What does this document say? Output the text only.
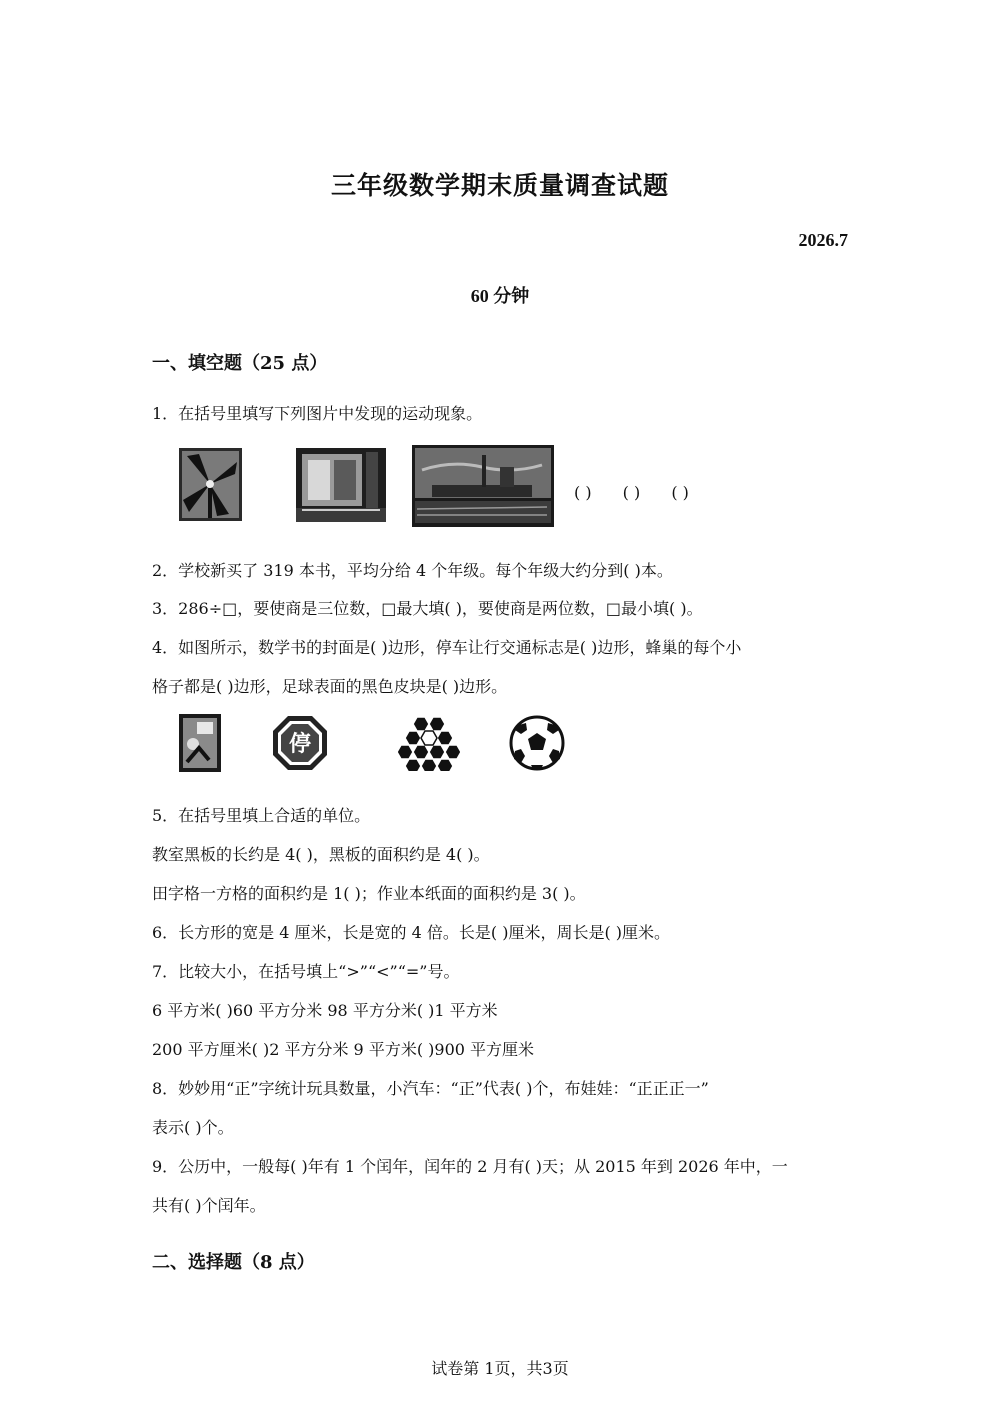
三年级数学期末质量调查试题
2026.7
60 分钟
一、填空题（25 点）
1．在括号里填写下列图片中发现的运动现象。
( ) ( ) ( )
2．学校新买了 319 本书，平均分给 4 个年级。每个年级大约分到( )本。
3．286÷□，要使商是三位数，□最大填( )，要使商是两位数，□最小填( )。
4．如图所示，数学书的封面是( )边形，停车让行交通标志是( )边形，蜂巢的每个小
格子都是( )边形，足球表面的黑色皮块是( )边形。
停
5．在括号里填上合适的单位。
教室黑板的长约是 4( )，黑板的面积约是 4( )。
田字格一方格的面积约是 1( )；作业本纸面的面积约是 3( )。
6．长方形的宽是 4 厘米，长是宽的 4 倍。长是( )厘米，周长是( )厘米。
7．比较大小，在括号填上“>”“<”“=”号。
6 平方米( )60 平方分米 98 平方分米( )1 平方米
200 平方厘米( )2 平方分米 9 平方米( )900 平方厘米
8．妙妙用“正”字统计玩具数量，小汽车：“正”代表( )个，布娃娃：“正正正一”
表示( )个。
9．公历中，一般每( )年有 1 个闰年，闰年的 2 月有( )天；从 2015 年到 2026 年中，一
共有( )个闰年。
二、选择题（8 点）
试卷第 1页，共3页
